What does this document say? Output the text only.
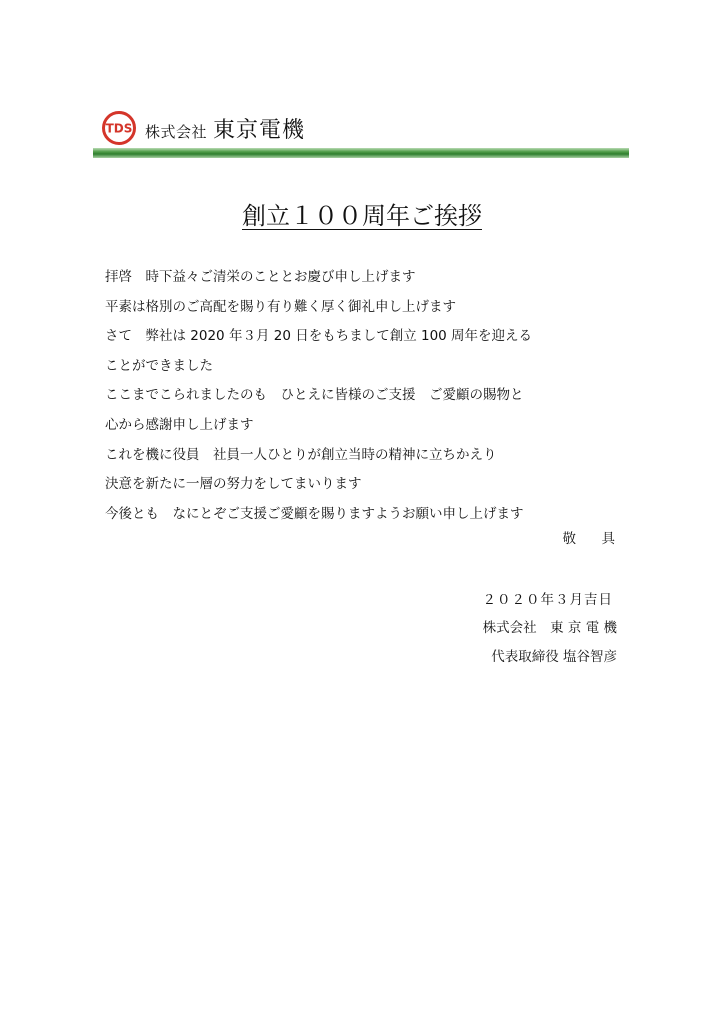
TDS 株式会社 東京電機
創立１００周年ご挨拶
拝啓　時下益々ご清栄のこととお慶び申し上げます
平素は格別のご高配を賜り有り難く厚く御礼申し上げます
さて　弊社は 2020 年３月 20 日をもちまして創立 100 周年を迎える
ことができました
ここまでこられましたのも　ひとえに皆様のご支援　ご愛顧の賜物と
心から感謝申し上げます
これを機に役員　社員一人ひとりが創立当時の精神に立ちかえり
決意を新たに一層の努力をしてまいります
今後とも　なにとぞご支援ご愛顧を賜りますようお願い申し上げます
敬　具
２０２０年３月吉日
株式会社　東 京 電 機
代表取締役 塩谷智彦
